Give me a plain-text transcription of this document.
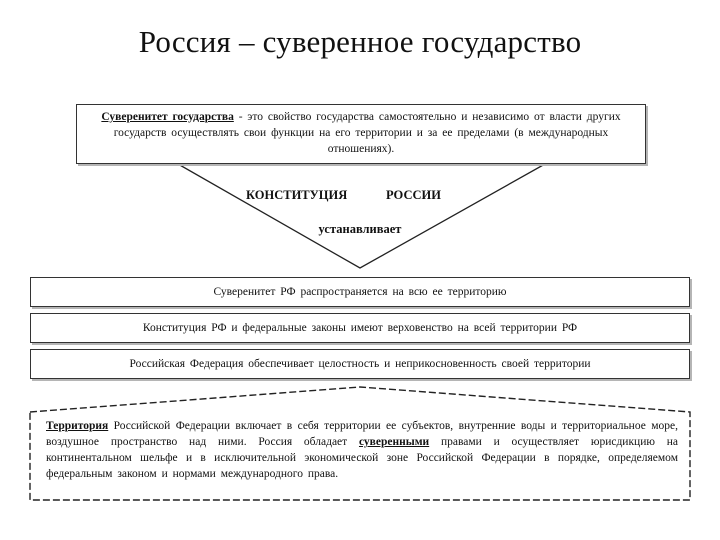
Россия – суверенное государство
Суверенитет государства - это свойство государства самостоятельно и независимо от власти других государств осуществлять свои функции на его территории и за ее пределами (в международных отношениях).
КОНСТИТУЦИЯ	РОССИИ
устанавливает
Суверенитет РФ распространяется на всю ее территорию
Конституция РФ и федеральные законы имеют верховенство на всей территории РФ
Российская Федерация обеспечивает целостность и неприкосновенность своей территории
Территория Российской Федерации включает в себя территории ее субъектов, внутренние воды и территориальное море, воздушное пространство над ними. Россия обладает суверенными правами и осуществляет юрисдикцию на континентальном шельфе и в исключительной экономической зоне Российской Федерации в порядке, определяемом федеральным законом и нормами международного права.
